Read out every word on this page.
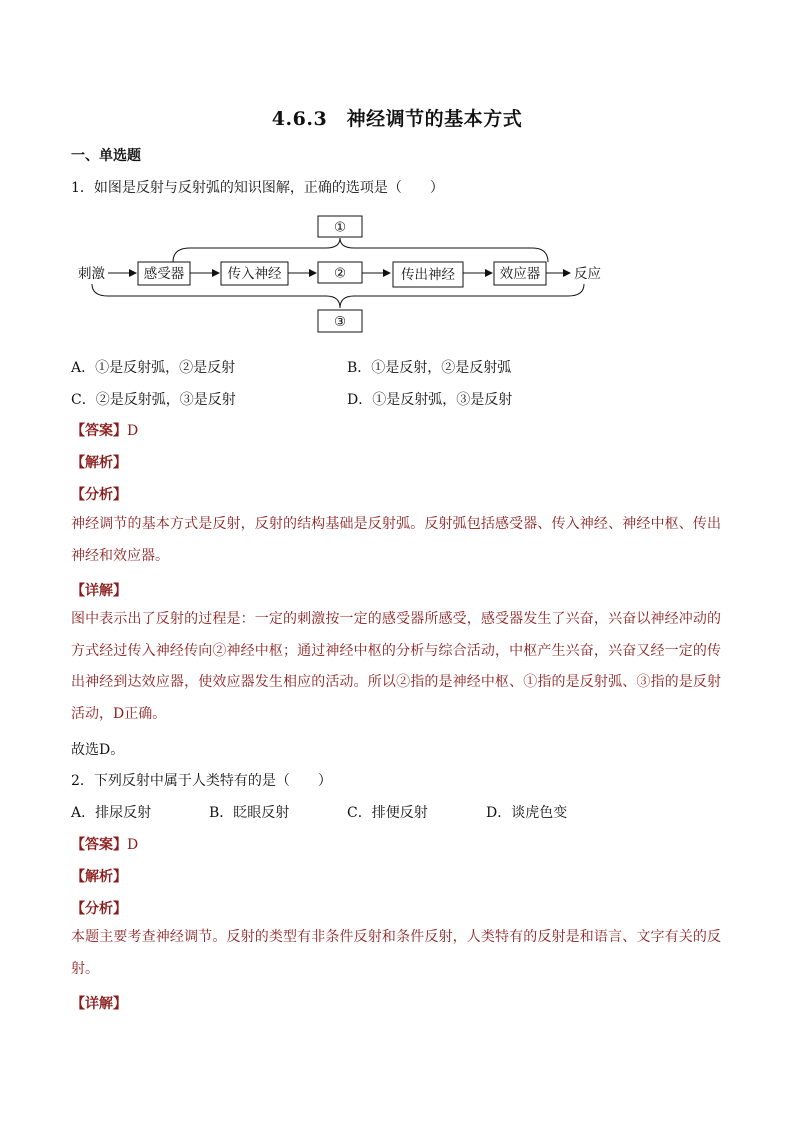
4.6.3　神经调节的基本方式
一、单选题
1．如图是反射与反射弧的知识图解，正确的选项是（　　）
①
刺激	感受器	传入神经	②	传出神经	效应器	反应
③
A．①是反射弧，②是反射	B．①是反射，②是反射弧
C．②是反射弧，③是反射	D．①是反射弧，③是反射
【答案】D
【解析】
【分析】
神经调节的基本方式是反射，反射的结构基础是反射弧。反射弧包括感受器、传入神经、神经中枢、传出神经和效应器。
【详解】
图中表示出了反射的过程是：一定的刺激按一定的感受器所感受，感受器发生了兴奋，兴奋以神经冲动的方式经过传入神经传向②神经中枢；通过神经中枢的分析与综合活动，中枢产生兴奋，兴奋又经一定的传出神经到达效应器，使效应器发生相应的活动。所以②指的是神经中枢、①指的是反射弧、③指的是反射活动，D正确。
故选D。
2．下列反射中属于人类特有的是（　　）
A．排尿反射	B．眨眼反射	C．排便反射	D．谈虎色变
【答案】D
【解析】
【分析】
本题主要考查神经调节。反射的类型有非条件反射和条件反射，人类特有的反射是和语言、文字有关的反射。
【详解】
